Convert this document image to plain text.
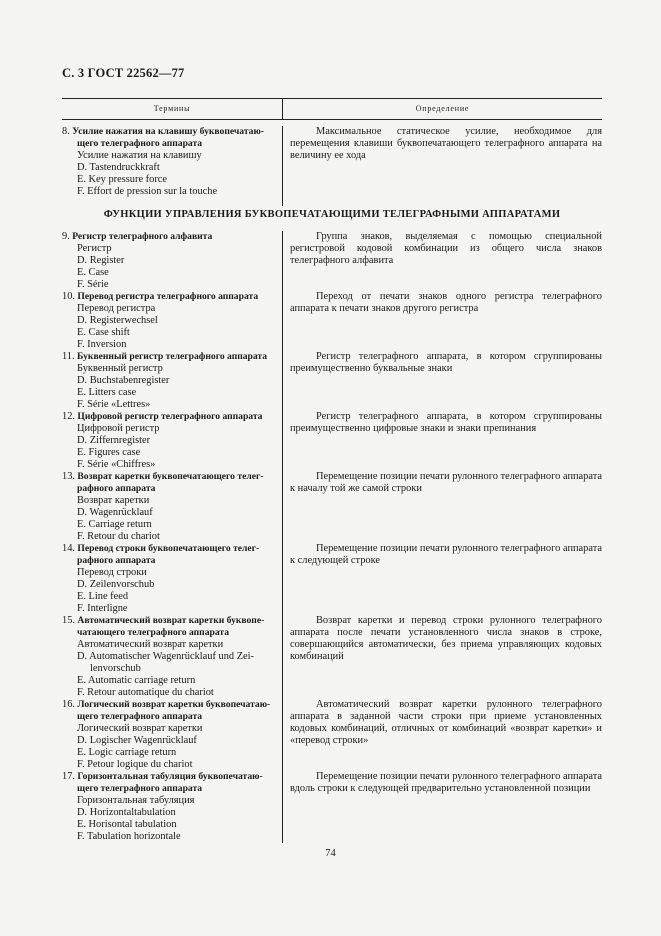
С. 3 ГОСТ 22562—77
Термины	Определение
8. Усилие нажатия на клавишу буквопечатаю-
щего телеграфного аппарата
Усилие нажатия на клавишу
D. Tastendruckkraft
E. Key pressure force
F. Effort de pression sur la touche
Максимальное статическое усилие, необходимое для перемещения клавиши буквопечатающего телеграфного аппарата на величину ее хода
ФУНКЦИИ УПРАВЛЕНИЯ БУКВОПЕЧАТАЮЩИМИ ТЕЛЕГРАФНЫМИ АППАРАТАМИ
9. Регистр телеграфного алфавита
Регистр
D. Register
E. Case
F. Série
Группа знаков, выделяемая с помощью специальной регистровой кодовой комбинации из общего числа знаков телеграфного алфавита
10. Перевод регистра телеграфного аппарата
Перевод регистра
D. Registerwechsel
E. Case shift
F. Inversion
Переход от печати знаков одного регистра телеграфного аппарата к печати знаков другого регистра
11. Буквенный регистр телеграфного аппарата
Буквенный регистр
D. Buchstabenregister
E. Litters case
F. Série «Lettres»
Регистр телеграфного аппарата, в котором сгруппированы преимущественно буквальные знаки
12. Цифровой регистр телеграфного аппарата
Цифровой регистр
D. Ziffernregister
E. Figures case
F. Série «Chiffres»
Регистр телеграфного аппарата, в котором сгруппированы преимущественно цифровые знаки и знаки препинания
13. Возврат каретки буквопечатающего телег-
рафного аппарата
Возврат каретки
D. Wagenrücklauf
E. Carriage return
F. Retour du chariot
Перемещение позиции печати рулонного телеграфного аппарата к началу той же самой строки
14. Перевод строки буквопечатающего телег-
рафного аппарата
Перевод строки
D. Zeilenvorschub
E. Line feed
F. Interligne
Перемещение позиции печати рулонного телеграфного аппарата к следующей строке
15. Автоматический возврат каретки буквопе-
чатающего телеграфного аппарата
Автоматический возврат каретки
D. Automatischer Wagenrücklauf und Zei-
lenvorschub
E. Automatic carriage return
F. Retour automatique du chariot
Возврат каретки и перевод строки рулонного телеграфного аппарата после печати установленного числа знаков в строке, совершающийся автоматически, без приема управляющих кодовых комбинаций
16. Логический возврат каретки буквопечатаю-
щего телеграфного аппарата
Логический возврат каретки
D. Logischer Wagenrücklauf
E. Logic carriage return
F. Petour logique du chariot
Автоматический возврат каретки рулонного телеграфного аппарата в заданной части строки при приеме установленных кодовых комбинаций, отличных от комбинаций «возврат каретки» и «перевод строки»
17. Горизонтальная табуляция буквопечатаю-
щего телеграфного аппарата
Горизонтальная табуляция
D. Horizontaltabulation
E. Horisontal tabulation
F. Tabulation horizontale
Перемещение позиции печати рулонного телеграфного аппарата вдоль строки к следующей предварительно установленной позиции
74
